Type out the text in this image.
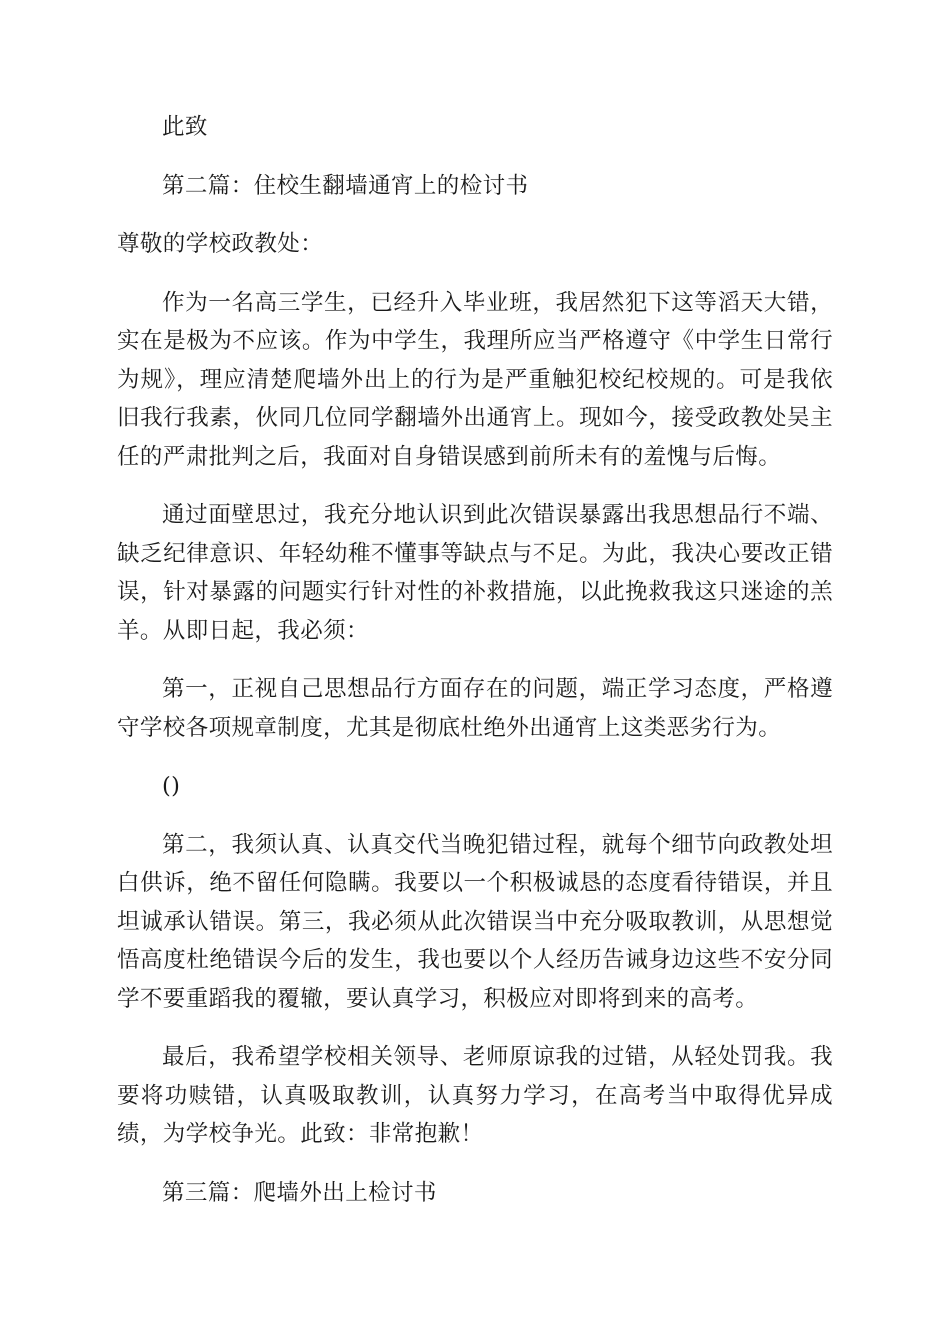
此致

第二篇：住校生翻墙通宵上的检讨书

尊敬的学校政教处：

作为一名高三学生，已经升入毕业班，我居然犯下这等滔天大错，实在是极为不应该。作为中学生，我理所应当严格遵守《中学生日常行为规》，理应清楚爬墙外出上的行为是严重触犯校纪校规的。可是我依旧我行我素，伙同几位同学翻墙外出通宵上。现如今，接受政教处吴主任的严肃批判之后，我面对自身错误感到前所未有的羞愧与后悔。

通过面壁思过，我充分地认识到此次错误暴露出我思想品行不端、缺乏纪律意识、年轻幼稚不懂事等缺点与不足。为此，我决心要改正错误，针对暴露的问题实行针对性的补救措施，以此挽救我这只迷途的羔羊。从即日起，我必须：

第一，正视自己思想品行方面存在的问题，端正学习态度，严格遵守学校各项规章制度，尤其是彻底杜绝外出通宵上这类恶劣行为。

()

第二，我须认真、认真交代当晚犯错过程，就每个细节向政教处坦白供诉，绝不留任何隐瞒。我要以一个积极诚恳的态度看待错误，并且坦诚承认错误。第三，我必须从此次错误当中充分吸取教训，从思想觉悟高度杜绝错误今后的发生，我也要以个人经历告诫身边这些不安分同学不要重蹈我的覆辙，要认真学习，积极应对即将到来的高考。

最后，我希望学校相关领导、老师原谅我的过错，从轻处罚我。我要将功赎错，认真吸取教训，认真努力学习，在高考当中取得优异成绩，为学校争光。此致：非常抱歉！

第三篇：爬墙外出上检讨书
